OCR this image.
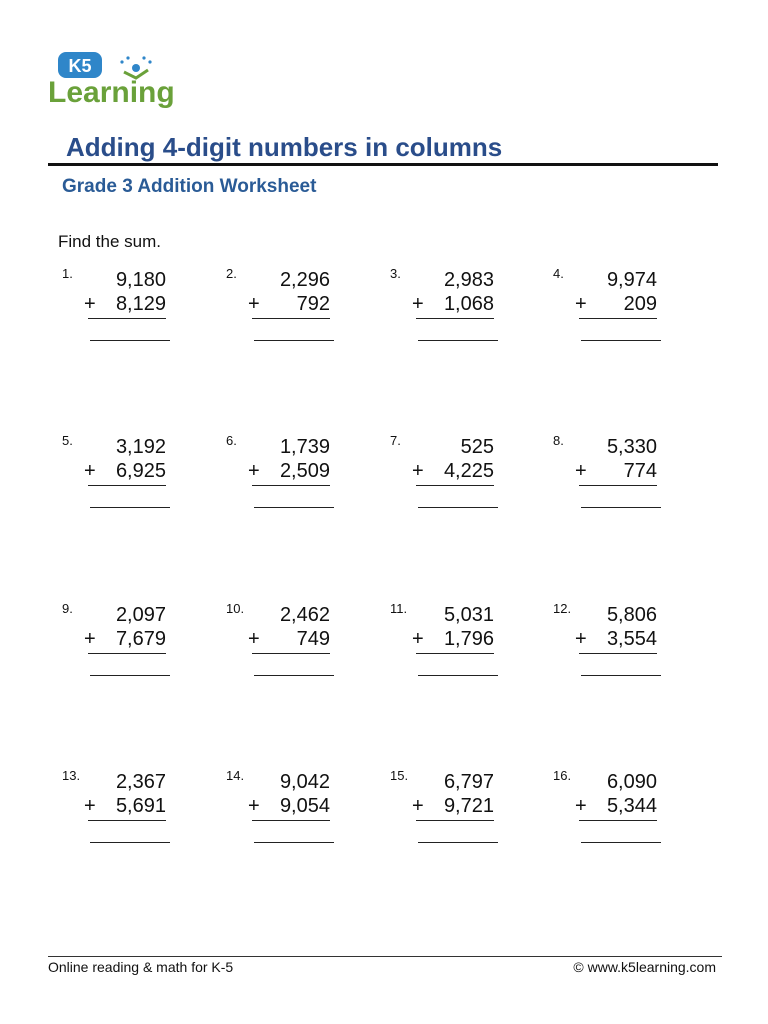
K5
Learning
Adding 4-digit numbers in columns
Grade 3 Addition Worksheet
Find the sum.
1.	9,180
+ 8,129
2.	2,296
+ 792
3.	2,983
+ 1,068
4.	9,974
+ 209
5.	3,192
+ 6,925
6.	1,739
+ 2,509
7.	525
+ 4,225
8.	5,330
+ 774
9.	2,097
+ 7,679
10.	2,462
+ 749
11.	5,031
+ 1,796
12.	5,806
+ 3,554
13.	2,367
+ 5,691
14.	9,042
+ 9,054
15.	6,797
+ 9,721
16.	6,090
+ 5,344
Online reading & math for K-5	© www.k5learning.com
